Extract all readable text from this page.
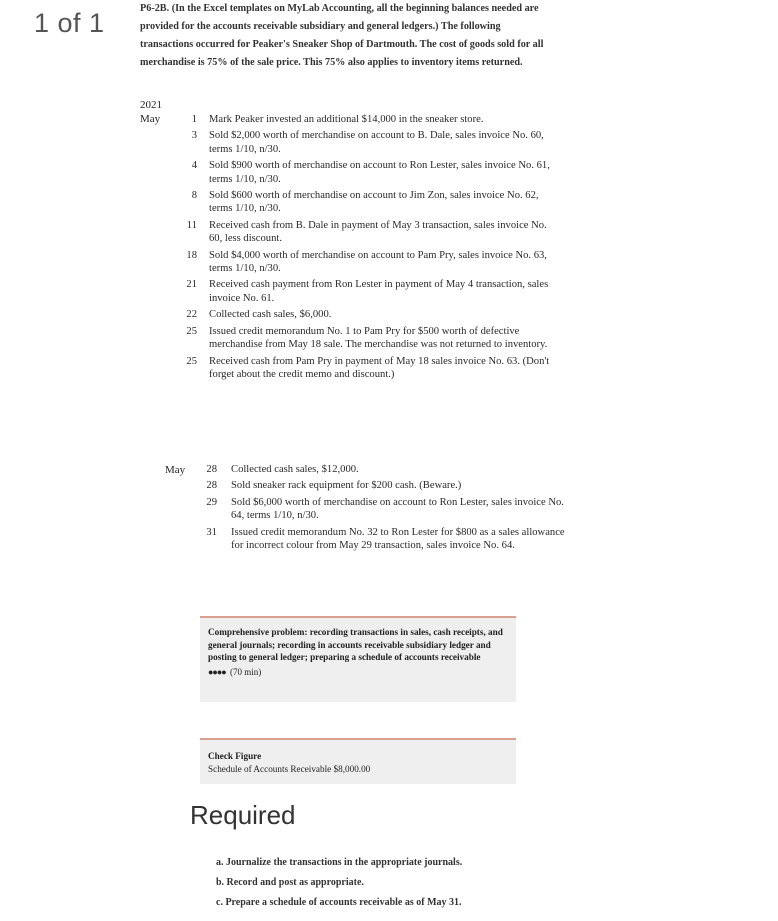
1 of 1	P6-2B. (In the Excel templates on MyLab Accounting, all the beginning balances needed are provided for the accounts receivable subsidiary and general ledgers.) The following transactions occurred for Peaker's Sneaker Shop of Dartmouth. The cost of goods sold for all merchandise is 75% of the sale price. This 75% also applies to inventory items returned.
2021
May	1 Mark Peaker invested an additional $14,000 in the sneaker store.
3 Sold $2,000 worth of merchandise on account to B. Dale, sales invoice No. 60, terms 1/10, n/30.
4 Sold $900 worth of merchandise on account to Ron Lester, sales invoice No. 61, terms 1/10, n/30.
8 Sold $600 worth of merchandise on account to Jim Zon, sales invoice No. 62, terms 1/10, n/30.
11 Received cash from B. Dale in payment of May 3 transaction, sales invoice No. 60, less discount.
18 Sold $4,000 worth of merchandise on account to Pam Pry, sales invoice No. 63, terms 1/10, n/30.
21 Received cash payment from Ron Lester in payment of May 4 transaction, sales invoice No. 61.
22 Collected cash sales, $6,000.
25 Issued credit memorandum No. 1 to Pam Pry for $500 worth of defective merchandise from May 18 sale. The merchandise was not returned to inventory.
25 Received cash from Pam Pry in payment of May 18 sales invoice No. 63. (Don't forget about the credit memo and discount.)
May	28 Collected cash sales, $12,000.
28 Sold sneaker rack equipment for $200 cash. (Beware.)
29 Sold $6,000 worth of merchandise on account to Ron Lester, sales invoice No. 64, terms 1/10, n/30.
31 Issued credit memorandum No. 32 to Ron Lester for $800 as a sales allowance for incorrect colour from May 29 transaction, sales invoice No. 64.
Comprehensive problem: recording transactions in sales, cash receipts, and general journals; recording in accounts receivable subsidiary ledger and posting to general ledger; preparing a schedule of accounts receivable
●●●● (70 min)
Check Figure
Schedule of Accounts Receivable $8,000.00
Required
a. Journalize the transactions in the appropriate journals.
b. Record and post as appropriate.
c. Prepare a schedule of accounts receivable as of May 31.
